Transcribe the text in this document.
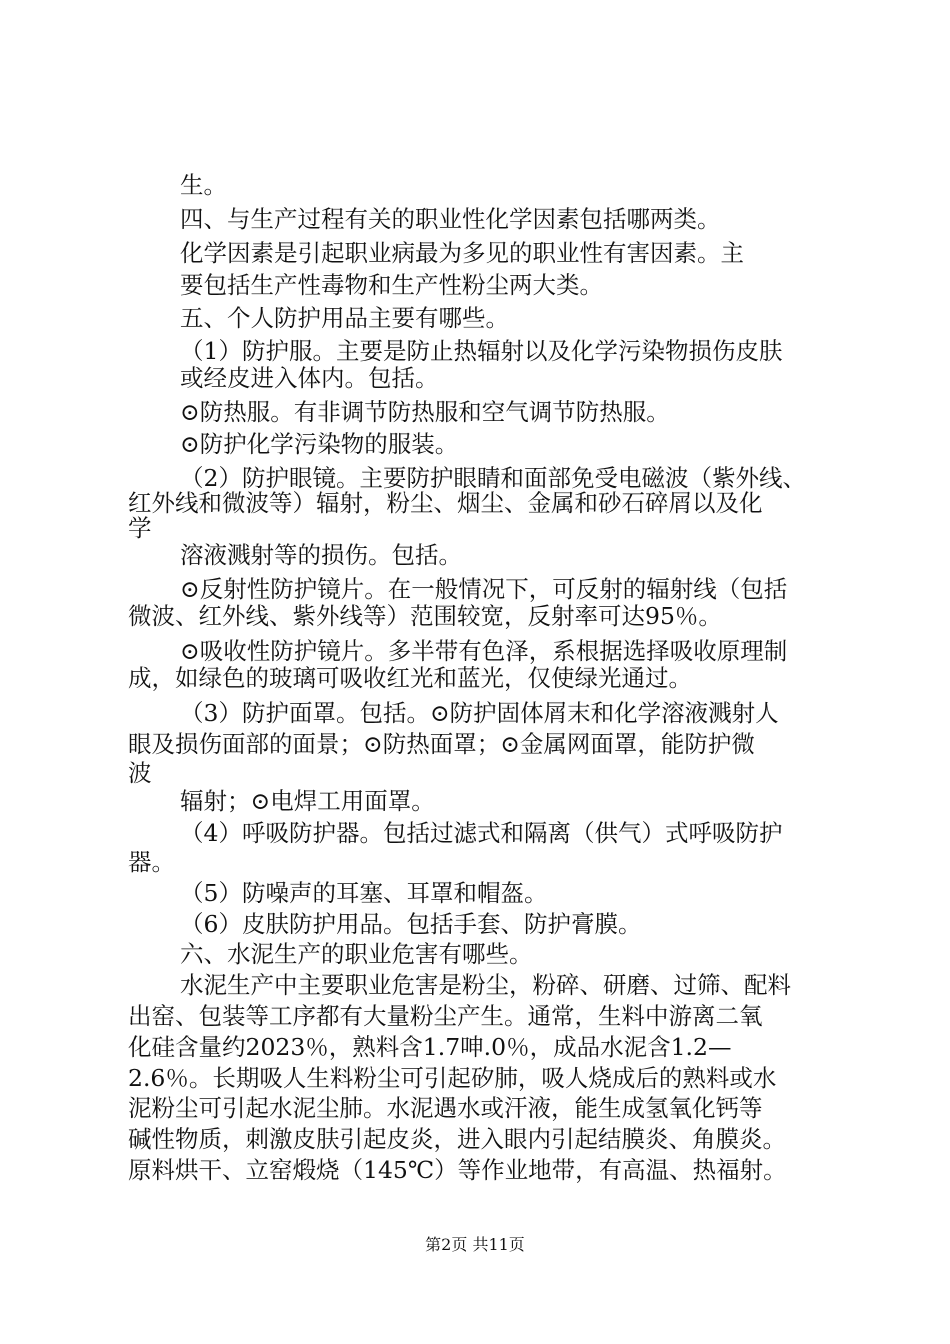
生。
四、与生产过程有关的职业性化学因素包括哪两类。
化学因素是引起职业病最为多见的职业性有害因素。主
要包括生产性毒物和生产性粉尘两大类。
五、个人防护用品主要有哪些。
（1）防护服。主要是防止热辐射以及化学污染物损伤皮肤
或经皮进入体内。包括。
⊙防热服。有非调节防热服和空气调节防热服。
⊙防护化学污染物的服装。
（2）防护眼镜。主要防护眼睛和面部免受电磁波（紫外线、
红外线和微波等）辐射，粉尘、烟尘、金属和砂石碎屑以及化
学
溶液溅射等的损伤。包括。
⊙反射性防护镜片。在一般情况下，可反射的辐射线（包括
微波、红外线、紫外线等）范围较宽，反射率可达95％。
⊙吸收性防护镜片。多半带有色泽，系根据选择吸收原理制
成，如绿色的玻璃可吸收红光和蓝光，仅使绿光通过。
（3）防护面罩。包括。⊙防护固体屑末和化学溶液溅射人
眼及损伤面部的面景；⊙防热面罩；⊙金属网面罩，能防护微
波
辐射；⊙电焊工用面罩。
（4）呼吸防护器。包括过滤式和隔离（供气）式呼吸防护
器。
（5）防噪声的耳塞、耳罩和帽盔。
（6）皮肤防护用品。包括手套、防护膏膜。
六、水泥生产的职业危害有哪些。
水泥生产中主要职业危害是粉尘，粉碎、研磨、过筛、配料
出窑、包装等工序都有大量粉尘产生。通常，生料中游离二氧
化硅含量约2023％，熟料含1.7呻.0％，成品水泥含1.2—
2.6％。长期吸人生料粉尘可引起矽肺，吸人烧成后的熟料或水
泥粉尘可引起水泥尘肺。水泥遇水或汗液，能生成氢氧化钙等
碱性物质，刺激皮肤引起皮炎，进入眼内引起结膜炎、角膜炎。
原料烘干、立窑煅烧（145℃）等作业地带，有高温、热福射。
第2页 共11页
